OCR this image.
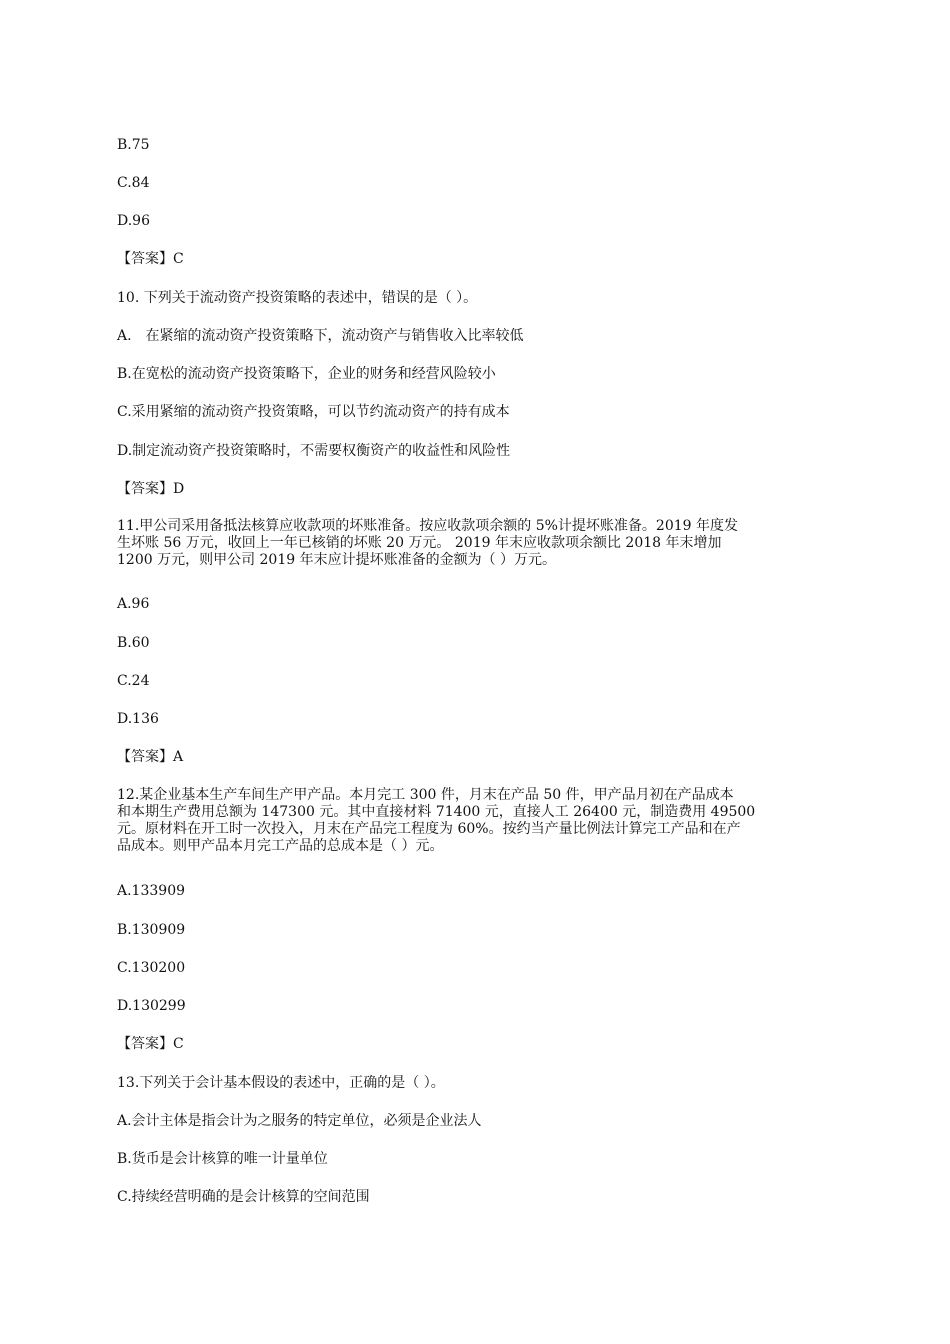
B.75
C.84
D.96
【答案】C
10. 下列关于流动资产投资策略的表述中，错误的是（ ）。
A.　在紧缩的流动资产投资策略下，流动资产与销售收入比率较低
B.在宽松的流动资产投资策略下，企业的财务和经营风险较小
C.采用紧缩的流动资产投资策略，可以节约流动资产的持有成本
D.制定流动资产投资策略时，不需要权衡资产的收益性和风险性
【答案】D
11.甲公司采用备抵法核算应收款项的坏账准备。按应收款项余额的 5%计提坏账准备。2019 年度发
生坏账 56 万元，收回上一年已核销的坏账 20 万元。 2019 年末应收款项余额比 2018 年末增加
1200 万元，则甲公司 2019 年末应计提坏账准备的金额为（ ）万元。
A.96
B.60
C.24
D.136
【答案】A
12.某企业基本生产车间生产甲产品。本月完工 300 件，月末在产品 50 件，甲产品月初在产品成本
和本期生产费用总额为 147300 元。其中直接材料 71400 元，直接人工 26400 元，制造费用 49500
元。原材料在开工时一次投入，月末在产品完工程度为 60%。按约当产量比例法计算完工产品和在产
品成本。则甲产品本月完工产品的总成本是（ ）元。
A.133909
B.130909
C.130200
D.130299
【答案】C
13.下列关于会计基本假设的表述中，正确的是（ ）。
A.会计主体是指会计为之服务的特定单位，必须是企业法人
B.货币是会计核算的唯一计量单位
C.持续经营明确的是会计核算的空间范围
